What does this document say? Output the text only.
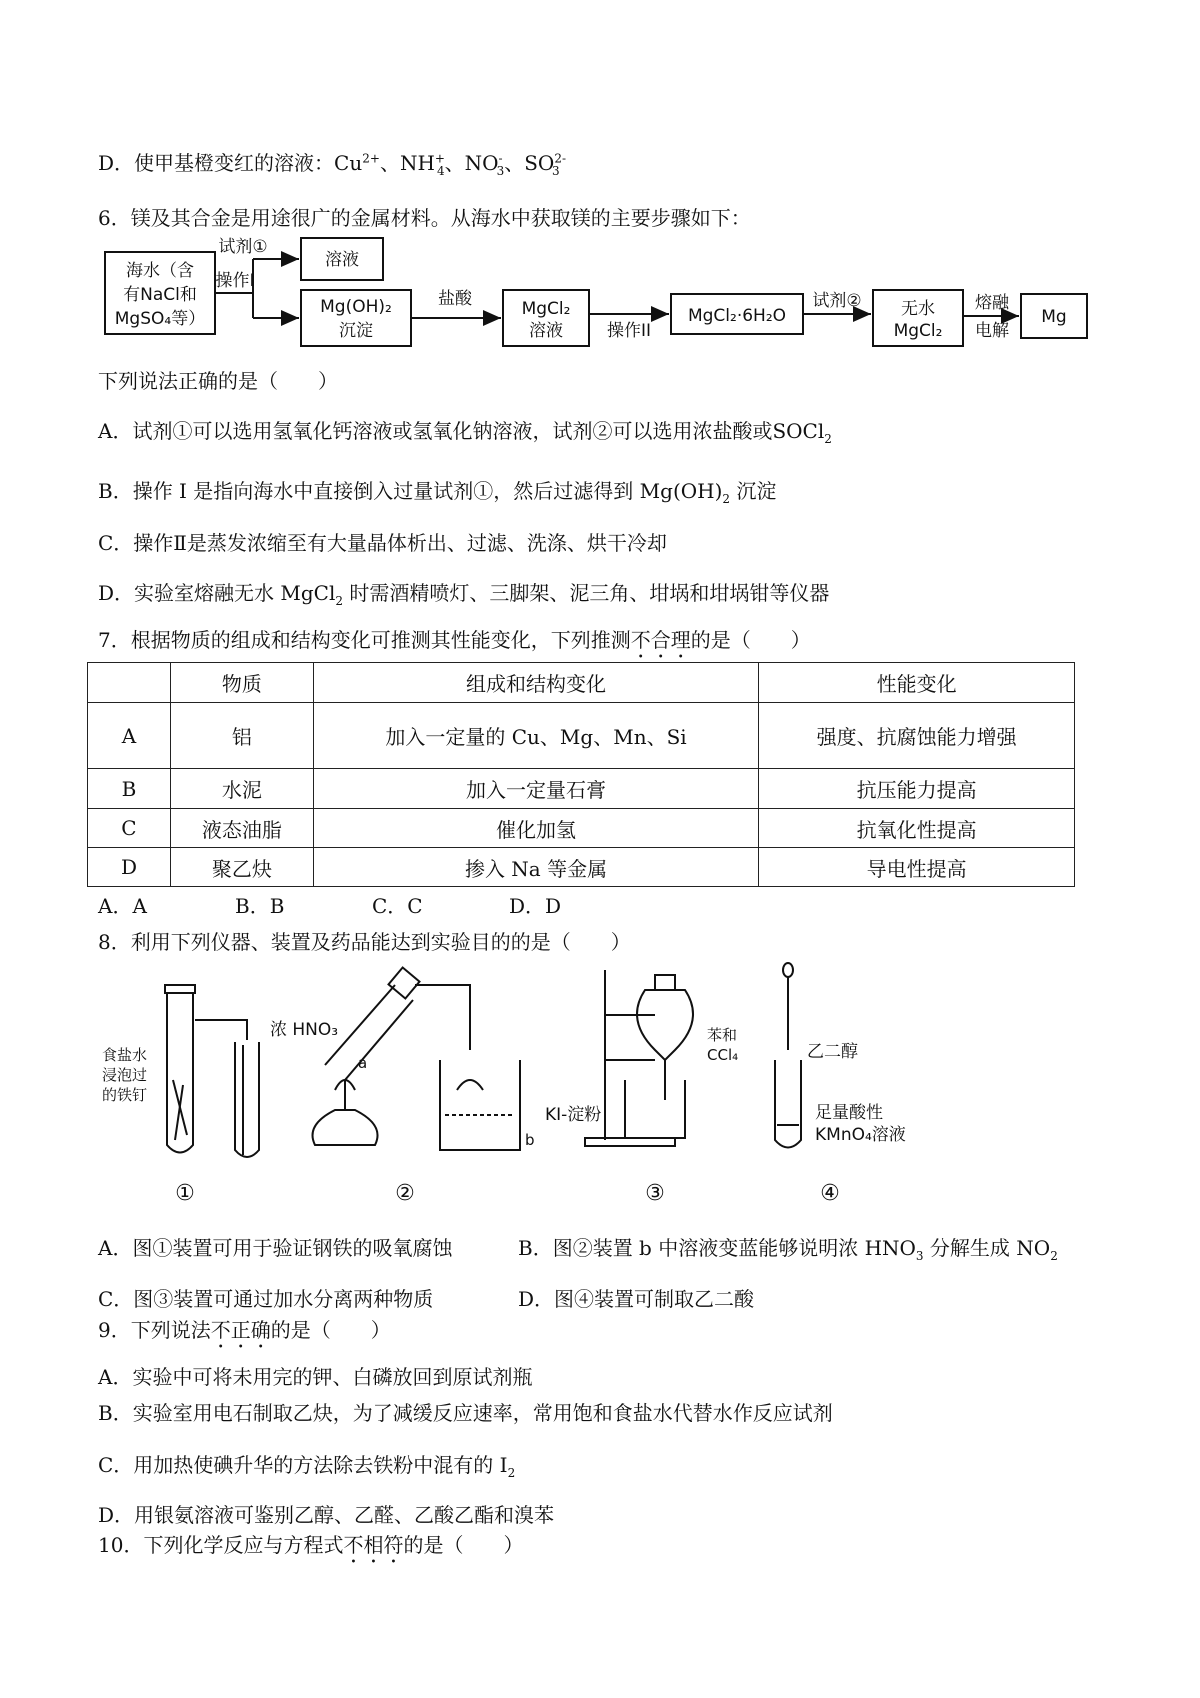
D．使甲基橙变红的溶液：$Cu^{2+}$、$NH^+_4$、$NO^-_3$、$SO^{2-}_3$
6．镁及其合金是用途很广的金属材料。从海水中获取镁的主要步骤如下：
海水（含
有NaCl和
MgSO₄等）
试剂①
操作I
溶液
Mg(OH)₂
沉淀
盐酸	MgCl₂
溶液	操作II
MgCl₂·6H₂O
试剂② 无水
MgCl₂
熔融
电解
Mg
下列说法正确的是（　　）
A．试剂①可以选用氢氧化钙溶液或氢氧化钠溶液，试剂②可以选用浓盐酸或SOCl$_2$
B．操作 I 是指向海水中直接倒入过量试剂①，然后过滤得到 $Mg(OH)_2$ 沉淀
C．操作Ⅱ是蒸发浓缩至有大量晶体析出、过滤、洗涤、烘干冷却
D．实验室熔融无水 MgCl$_2$ 时需酒精喷灯、三脚架、泥三角、坩埚和坩埚钳等仪器
7．根据物质的组成和结构变化可推测其性能变化，下列推测不合理的是（　　）
	物质	组成和结构变化	性能变化
A	铝	加入一定量的 Cu、Mg、Mn、Si	强度、抗腐蚀能力增强
B	水泥	加入一定量石膏	抗压能力提高
C	液态油脂	催化加氢	抗氧化性提高
D	聚乙炔	掺入 Na 等金属	导电性提高
A．A	B．B	C．C	D．D
8．利用下列仪器、装置及药品能达到实验目的的是（　　）
食盐水
浸泡过
的铁钉
①
浓 HNO₃
a
b
KI-淀粉
②
苯和
CCl₄
③
乙二醇
足量酸性
KMnO₄溶液
④
A．图①装置可用于验证钢铁的吸氧腐蚀	B．图②装置 b 中溶液变蓝能够说明浓 $HNO_3$ 分解生成 $NO_2$
C．图③装置可通过加水分离两种物质	D．图④装置可制取乙二酸
9．下列说法不正确的是（　　）
A．实验中可将未用完的钾、白磷放回到原试剂瓶
B．实验室用电石制取乙炔，为了减缓反应速率，常用饱和食盐水代替水作反应试剂
C．用加热使碘升华的方法除去铁粉中混有的 $I_2$
D．用银氨溶液可鉴别乙醇、乙醛、乙酸乙酯和溴苯
10．下列化学反应与方程式不相符的是（　　）
